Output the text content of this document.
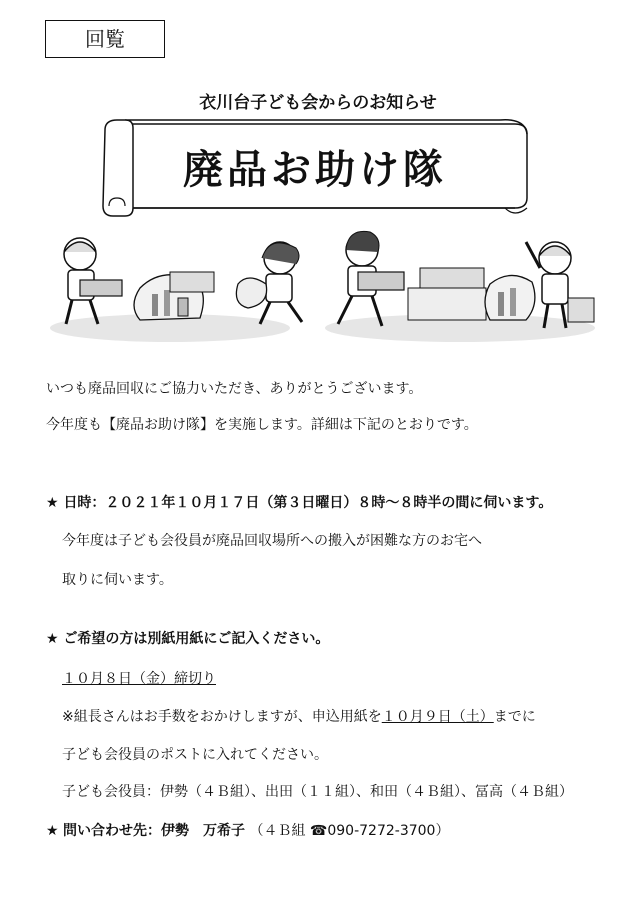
回覧
衣川台子ども会からのお知らせ
廃品お助け隊
いつも廃品回収にご協力いただき、ありがとうございます。
今年度も【廃品お助け隊】を実施します。詳細は下記のとおりです。
★ 日時：２０２１年１０月１７日（第３日曜日）８時～８時半の間に伺います。
今年度は子ども会役員が廃品回収場所への搬入が困難な方のお宅へ
取りに伺います。
★ ご希望の方は別紙用紙にご記入ください。
１０月８日（金）締切り
※組長さんはお手数をおかけしますが、申込用紙を１０月９日（土）までに
子ども会役員のポストに入れてください。
子ども会役員：伊勢（４Ｂ組）、出田（１１組）、和田（４Ｂ組）、冨高（４Ｂ組）
★ 問い合わせ先：伊勢　万希子 （４Ｂ組 ☎090-7272-3700）
